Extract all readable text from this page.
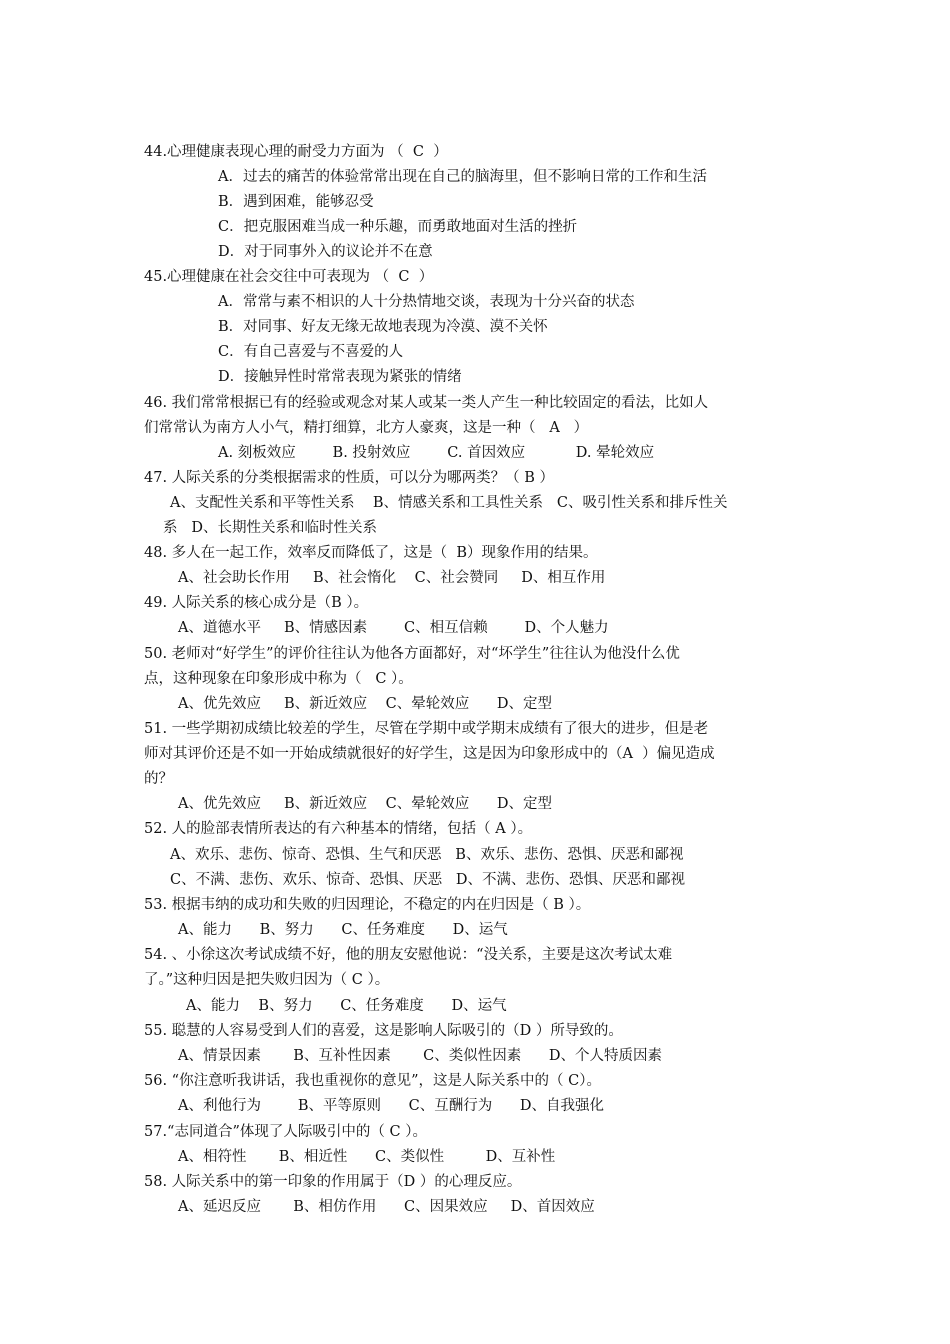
44.心理健康表现心理的耐受力方面为 （  C  ）
A．过去的痛苦的体验常常出现在自己的脑海里，但不影响日常的工作和生活
B．遇到困难，能够忍受
C．把克服困难当成一种乐趣，而勇敢地面对生活的挫折
D．对于同事外入的议论并不在意
45.心理健康在社会交往中可表现为 （  C  ）
A．常常与素不相识的人十分热情地交谈，表现为十分兴奋的状态
B．对同事、好友无缘无故地表现为冷漠、漠不关怀
C．有自己喜爱与不喜爱的人
D．接触异性时常常表现为紧张的情绪
46. 我们常常根据已有的经验或观念对某人或某一类人产生一种比较固定的看法，比如人
们常常认为南方人小气，精打细算，北方人豪爽，这是一种（   A   ）
A. 刻板效应        B. 投射效应        C. 首因效应           D. 晕轮效应
47. 人际关系的分类根据需求的性质，可以分为哪两类？（ B ）
A、支配性关系和平等性关系    B、情感关系和工具性关系   C、吸引性关系和排斥性关
系   D、长期性关系和临时性关系
48. 多人在一起工作，效率反而降低了，这是（  B）现象作用的结果。
A、社会助长作用     B、社会惰化    C、社会赞同     D、相互作用
49. 人际关系的核心成分是（B ）。
A、道德水平     B、情感因素        C、相互信赖        D、个人魅力
50. 老师对“好学生”的评价往往认为他各方面都好，对“坏学生”往往认为他没什么优
点，这种现象在印象形成中称为（   C ）。
A、优先效应     B、新近效应    C、晕轮效应      D、定型
51. 一些学期初成绩比较差的学生，尽管在学期中或学期末成绩有了很大的进步，但是老
师对其评价还是不如一开始成绩就很好的好学生，这是因为印象形成中的（A  ）偏见造成
的？
A、优先效应     B、新近效应    C、晕轮效应      D、定型
52. 人的脸部表情所表达的有六种基本的情绪，包括（ A ）。
A、欢乐、悲伤、惊奇、恐惧、生气和厌恶   B、欢乐、悲伤、恐惧、厌恶和鄙视
C、不满、悲伤、欢乐、惊奇、恐惧、厌恶   D、不满、悲伤、恐惧、厌恶和鄙视
53. 根据韦纳的成功和失败的归因理论，不稳定的内在归因是（ B ）。
A、能力      B、努力      C、任务难度      D、运气
54. 、小徐这次考试成绩不好，他的朋友安慰他说：“没关系，主要是这次考试太难
了。”这种归因是把失败归因为（ C ）。
A、能力    B、努力      C、任务难度      D、运气
55. 聪慧的人容易受到人们的喜爱，这是影响人际吸引的（D ）所导致的。
A、情景因素       B、互补性因素       C、类似性因素      D、个人特质因素
56. “你注意听我讲话，我也重视你的意见”，这是人际关系中的（ C）。
A、利他行为        B、平等原则      C、互酬行为      D、自我强化
57.“志同道合”体现了人际吸引中的（ C ）。
A、相符性       B、相近性      C、类似性         D、互补性
58. 人际关系中的第一印象的作用属于（D ）的心理反应。
A、延迟反应       B、相仿作用      C、因果效应     D、首因效应
